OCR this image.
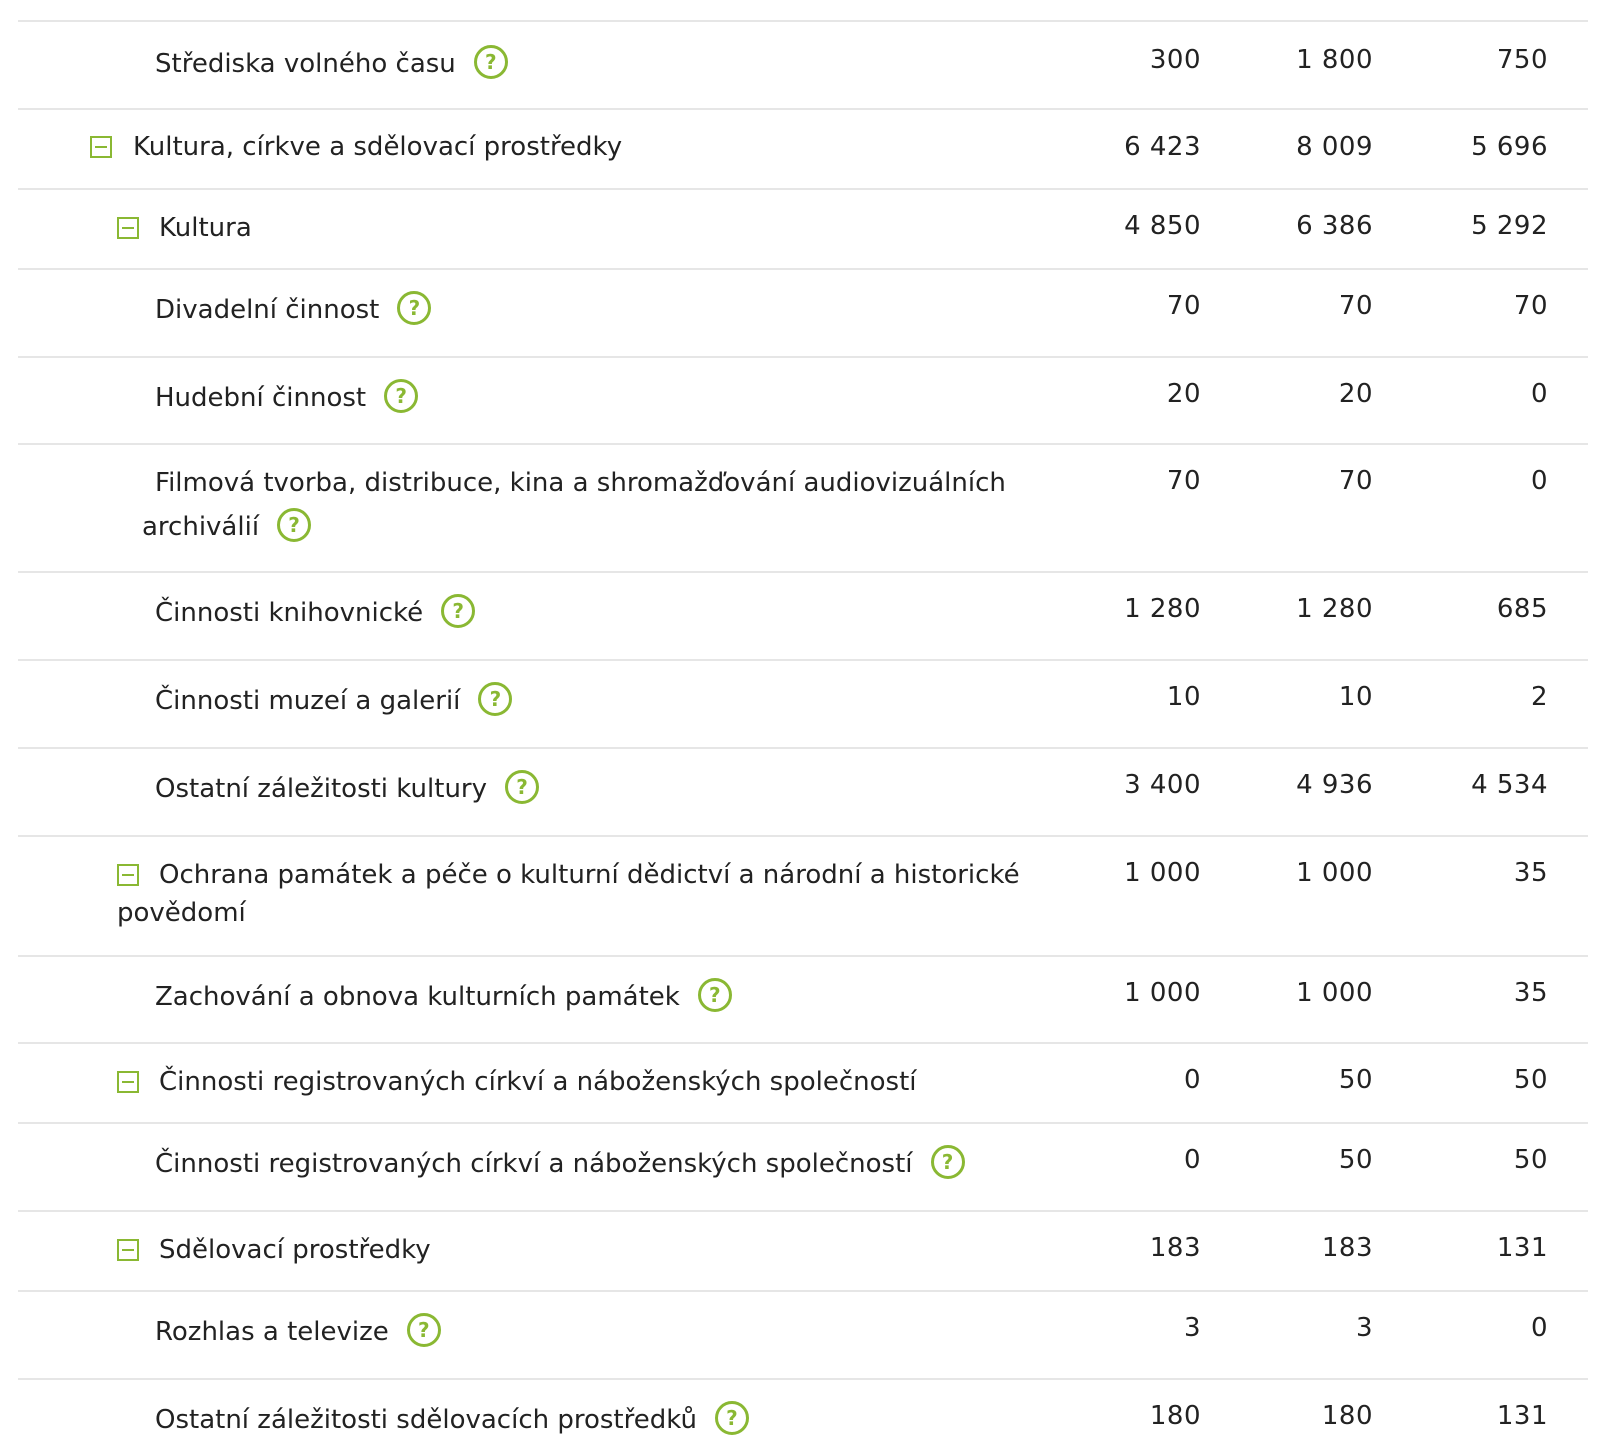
Střediska volného času ?	300	1 800	750
Kultura, církve a sdělovací prostředky	6 423	8 009	5 696
Kultura	4 850	6 386	5 292
Divadelní činnost ?	70	70	70
Hudební činnost ?	20	20	0
Filmová tvorba, distribuce, kina a shromažďování audiovizuálních
archiválií ?
70	70	0
Činnosti knihovnické ?	1 280	1 280	685
Činnosti muzeí a galerií ?	10	10	2
Ostatní záležitosti kultury ?	3 400	4 936	4 534
Ochrana památek a péče o kulturní dědictví a národní a historické
povědomí
1 000	1 000	35
Zachování a obnova kulturních památek ?	1 000	1 000	35
Činnosti registrovaných církví a náboženských společností	0	50	50
Činnosti registrovaných církví a náboženských společností ?	0	50	50
Sdělovací prostředky	183	183	131
Rozhlas a televize ?	3	3	0
Ostatní záležitosti sdělovacích prostředků ?	180	180	131
